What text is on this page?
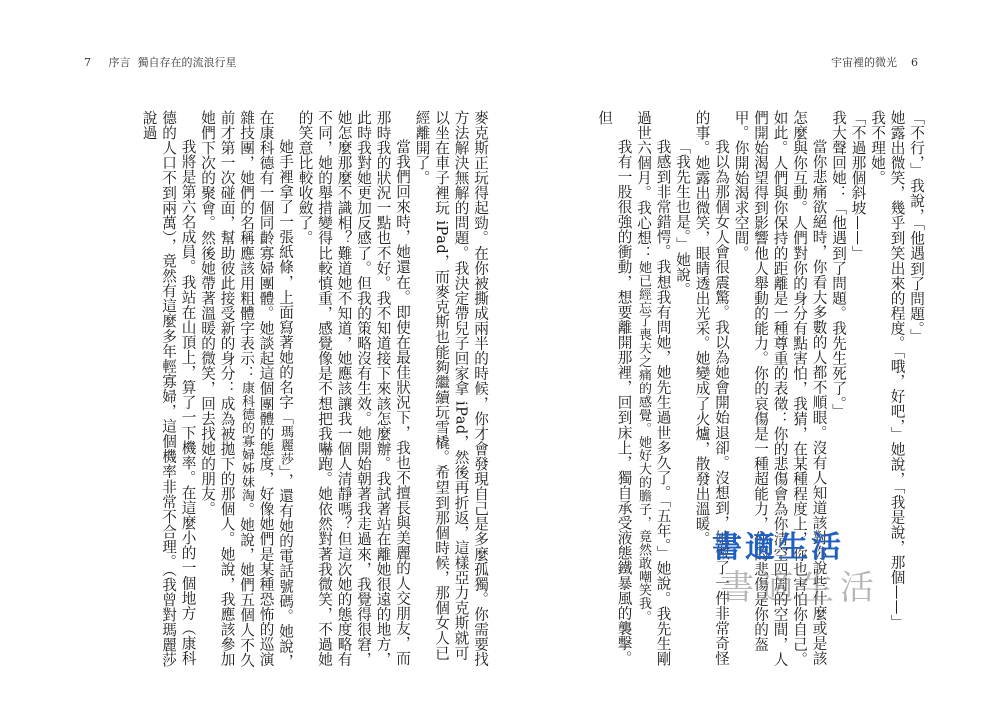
7 序言 獨自存在的流浪行星	宇宙裡的微光 6

「不行，」我說，「他遇到了問題。」

她露出微笑，幾乎到笑出來的程度。「哦，好吧，」她說，「我是說，那個——」

我不理她。

「不過那個斜坡——」

我大聲回她：「他遇到了問題。我先生死了。」

當你悲痛欲絕時，你看大多數的人都不順眼。沒有人知道該對你說些什麼或是該怎麼與你互動。人們對你的身分有點害怕，我猜，在某種程度上，你也害怕你自己。如此。人們與你保持的距離是一種尊重的表徵：你的悲傷會為你清空四周的空間，人們開始渴望得到影響他人舉動的能力。你的哀傷是一種超能力，你的悲傷是你的盔甲。你開始渴求空間。

我以為那個女人會很震驚。我以為她會開始退卻。沒想到，她做了一件非常奇怪的事。她露出微笑，眼睛透出光采。她變成了火爐，散發出溫暖。

「我先生也是。」她說。

我感到非常錯愕。我想我有問她，她先生過世多久了。「五年。」她說。我先生剛過世六個月。我心想：她已經忘了喪夫之痛的感覺。她好大的膽子，竟然敢嘲笑我。

我有一股很強的衝動，想要離開那裡，回到床上，獨自承受液態鐵暴風的襲擊。但

麥克斯正玩得起勁。在你被撕成兩半的時候，你才會發現自己是多麼孤獨。你需要找方法解決無解的問題。我決定帶兒子回家拿 iPad，然後再折返，這樣亞力克斯就可以坐在車子裡玩 iPad，而麥克斯也能夠繼續玩雪橇。希望到那個時候，那個女人已經離開了。

當我們回來時，她還在。即使在最佳狀況下，我也不擅長與美麗的人交朋友，而那時我的狀況一點也不好。我不知道接下來該怎麼辦。我試著站在離她很遠的地方，此時我對她更加反感了。但我的策略沒有生效。她開始朝著我走過來，我覺得很窘，她怎麼那麼不識相？難道她不知道，她應該讓我一個人清靜嗎？但這次她的態度略有不同，她的舉措變得比較慎重，感覺像是不想把我嚇跑。她依然對著我微笑，不過她的笑意比較收斂了。

她手裡拿了一張紙條，上面寫著她的名字「瑪麗莎」，還有她的電話號碼。她說，在康科德有一個同齡寡婦團體。她談起這個團體的態度，好像她們是某種恐怖的巡演雜技團，她們的名稱應該用粗體字表示：康科德的寡婦姊妹淘。她說，她們五個人不久前才第一次碰面，幫助彼此接受新的身分：成為被拋下的那個人。她說，我應該參加她們下次的聚會。然後她帶著溫暖的微笑，回去找她的朋友。

我將是第六名成員。我站在山頂上，算了一下機率。在這麼小的一個地方（康科德的人口不到兩萬），竟然有這麼多年輕寡婦，這個機率非常不合理。（我曾對瑪麗莎說過

書適生活
書適生活
